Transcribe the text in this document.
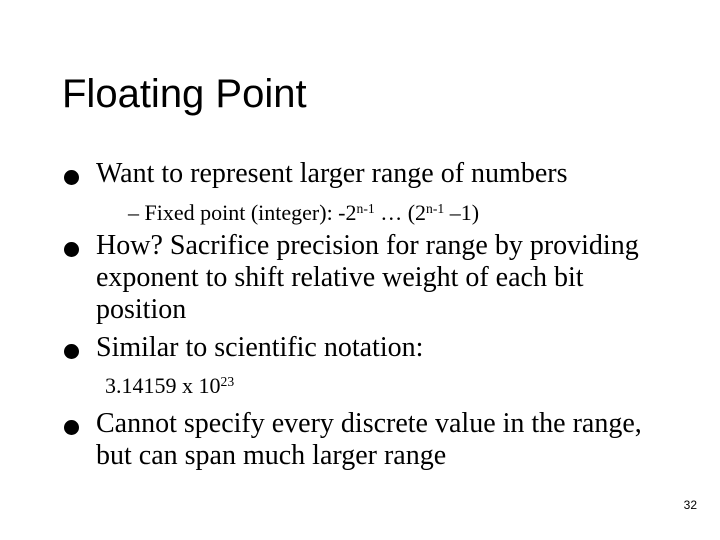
Floating Point
Want to represent larger range of numbers
– Fixed point (integer): -2$^{n-1}$ … (2$^{n-1}$ –1)
How? Sacrifice precision for range by providing exponent to shift relative weight of each bit position
Similar to scientific notation:
3.14159 x $10^{23}$
Cannot specify every discrete value in the range, but can span much larger range
32
